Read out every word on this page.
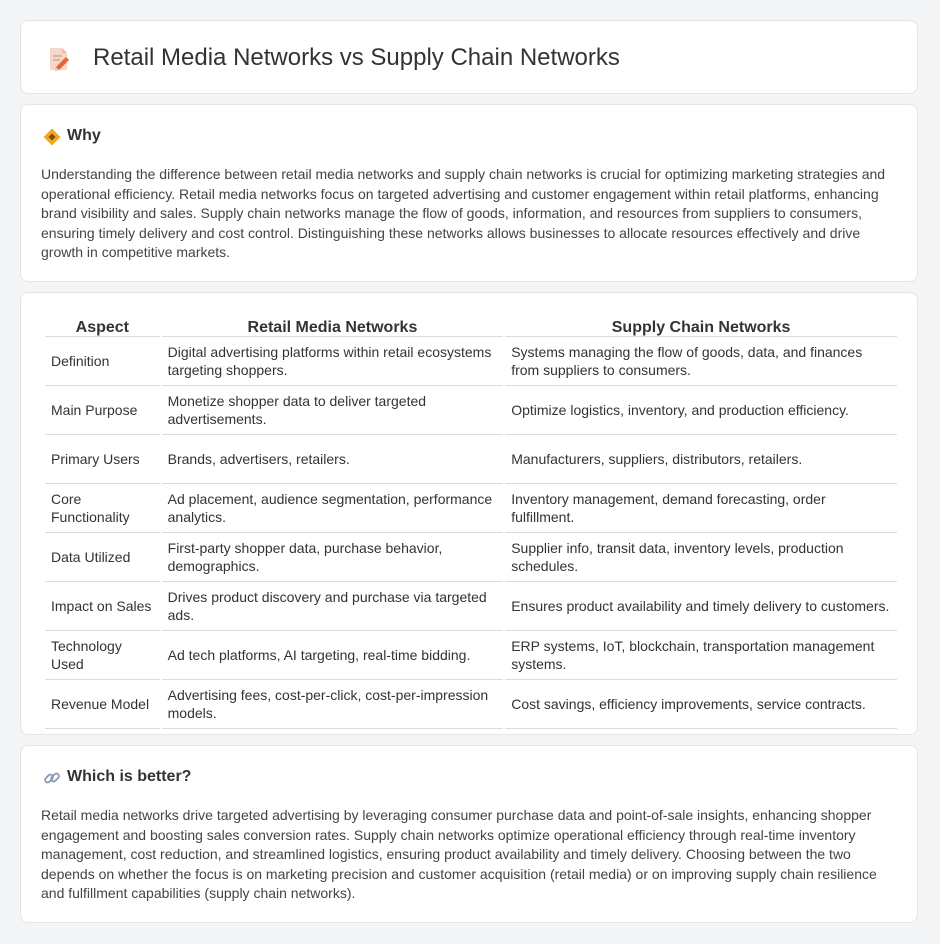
Retail Media Networks vs Supply Chain Networks
Why

Understanding the difference between retail media networks and supply chain networks is crucial for optimizing marketing strategies and operational efficiency. Retail media networks focus on targeted advertising and customer engagement within retail platforms, enhancing brand visibility and sales. Supply chain networks manage the flow of goods, information, and resources from suppliers to consumers, ensuring timely delivery and cost control. Distinguishing these networks allows businesses to allocate resources effectively and drive growth in competitive markets.

Aspect	Retail Media Networks	Supply Chain Networks
Definition	Digital advertising platforms within retail ecosystems targeting shoppers.	Systems managing the flow of goods, data, and finances from suppliers to consumers.
Main Purpose	Monetize shopper data to deliver targeted advertisements.	Optimize logistics, inventory, and production efficiency.
Primary Users	Brands, advertisers, retailers.	Manufacturers, suppliers, distributors, retailers.
Core Functionality	Ad placement, audience segmentation, performance analytics.	Inventory management, demand forecasting, order fulfillment.
Data Utilized	First-party shopper data, purchase behavior, demographics.	Supplier info, transit data, inventory levels, production schedules.
Impact on Sales	Drives product discovery and purchase via targeted ads.	Ensures product availability and timely delivery to customers.
Technology Used	Ad tech platforms, AI targeting, real-time bidding.	ERP systems, IoT, blockchain, transportation management systems.
Revenue Model	Advertising fees, cost-per-click, cost-per-impression models.	Cost savings, efficiency improvements, service contracts.
Which is better?

Retail media networks drive targeted advertising by leveraging consumer purchase data and point-of-sale insights, enhancing shopper engagement and boosting sales conversion rates. Supply chain networks optimize operational efficiency through real-time inventory management, cost reduction, and streamlined logistics, ensuring product availability and timely delivery. Choosing between the two depends on whether the focus is on marketing precision and customer acquisition (retail media) or on improving supply chain resilience and fulfillment capabilities (supply chain networks).
